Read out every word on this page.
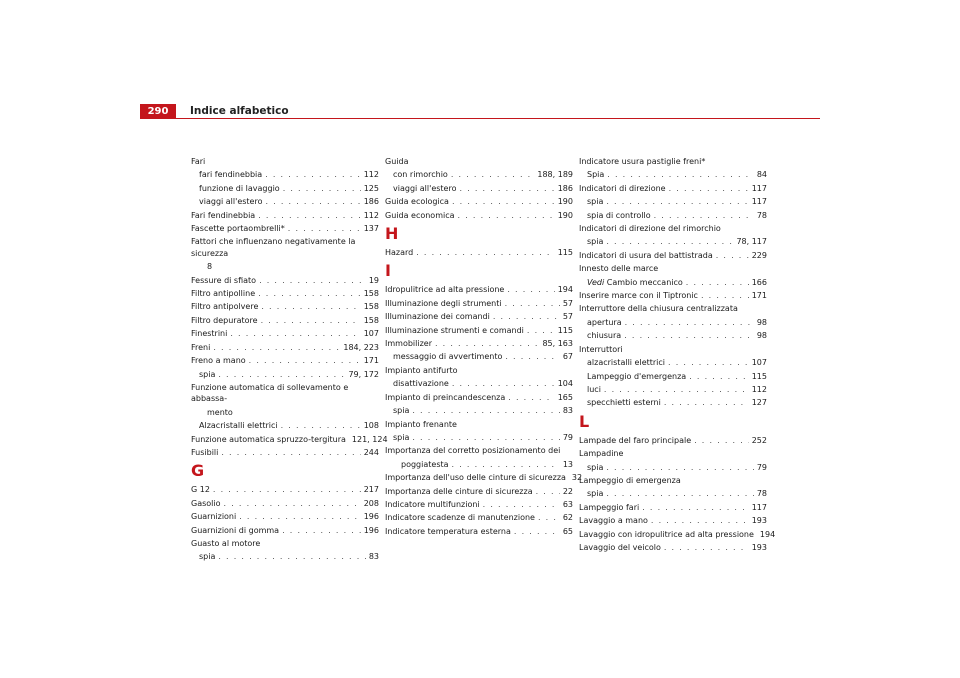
290	Indice alfabetico
Fari
fari fendinebbia . . .	112
funzione di lavaggio . . .	125
viaggi all'estero . . .	186
Fari fendinebbia . . .	112
Fascette portaombrelli* . . .	137
Fattori che influenzano negativamente la sicurezza
8
Fessure di sfiato . . .	19
Filtro antipolline . . .	158
Filtro antipolvere . . .	158
Filtro depuratore . . .	158
Finestrini . . .	107
Freni . . .	184, 223
Freno a mano . . .	171
spia . . .	79, 172
Funzione automatica di sollevamento e abbassa-
mento
Alzacristalli elettrici . . .	108
Funzione automatica spruzzo-tergitura 121, 124
Fusibili . . .	244
G
G 12 . . .	217
Gasolio . . .	208
Guarnizioni . . .	196
Guarnizioni di gomma . . .	196
Guasto al motore
spia . . .	83
Guida
con rimorchio . . .	188, 189
viaggi all'estero . . .	186
Guida ecologica . . .	190
Guida economica . . .	190
H
Hazard . . .	115
I
Idropulitrice ad alta pressione . . .	194
Illuminazione degli strumenti . . .	57
Illuminazione dei comandi . . .	57
Illuminazione strumenti e comandi . . .	115
Immobilizer . . .	85, 163
messaggio di avvertimento . . .	67
Impianto antifurto
disattivazione . . .	104
Impianto di preincandescenza . . .	165
spia . . .	83
Impianto frenante
spia . . .	79
Importanza del corretto posizionamento dei
poggiatesta . . .	13
Importanza dell'uso delle cinture di sicurezza 32
Importanza delle cinture di sicurezza . . .	22
Indicatore multifunzioni . . .	63
Indicatore scadenze di manutenzione . . .	62
Indicatore temperatura esterna . . .	65
Indicatore usura pastiglie freni*
Spia . . .	84
Indicatori di direzione . . .	117
spia . . .	117
spia di controllo . . .	78
Indicatori di direzione del rimorchio
spia . . .	78, 117
Indicatori di usura del battistrada . . .	229
Innesto delle marce
Vedi Cambio meccanico . . .	166
Inserire marce con il Tiptronic . . .	171
Interruttore della chiusura centralizzata
apertura . . .	98
chiusura . . .	98
Interruttori
alzacristalli elettrici . . .	107
Lampeggio d'emergenza . . .	115
luci . . .	112
specchietti esterni . . .	127
L
Lampade del faro principale . . .	252
Lampadine
spia . . .	79
Lampeggio di emergenza
spia . . .	78
Lampeggio fari . . .	117
Lavaggio a mano . . .	193
Lavaggio con idropulitrice ad alta pressione 194
Lavaggio del veicolo . . .	193
